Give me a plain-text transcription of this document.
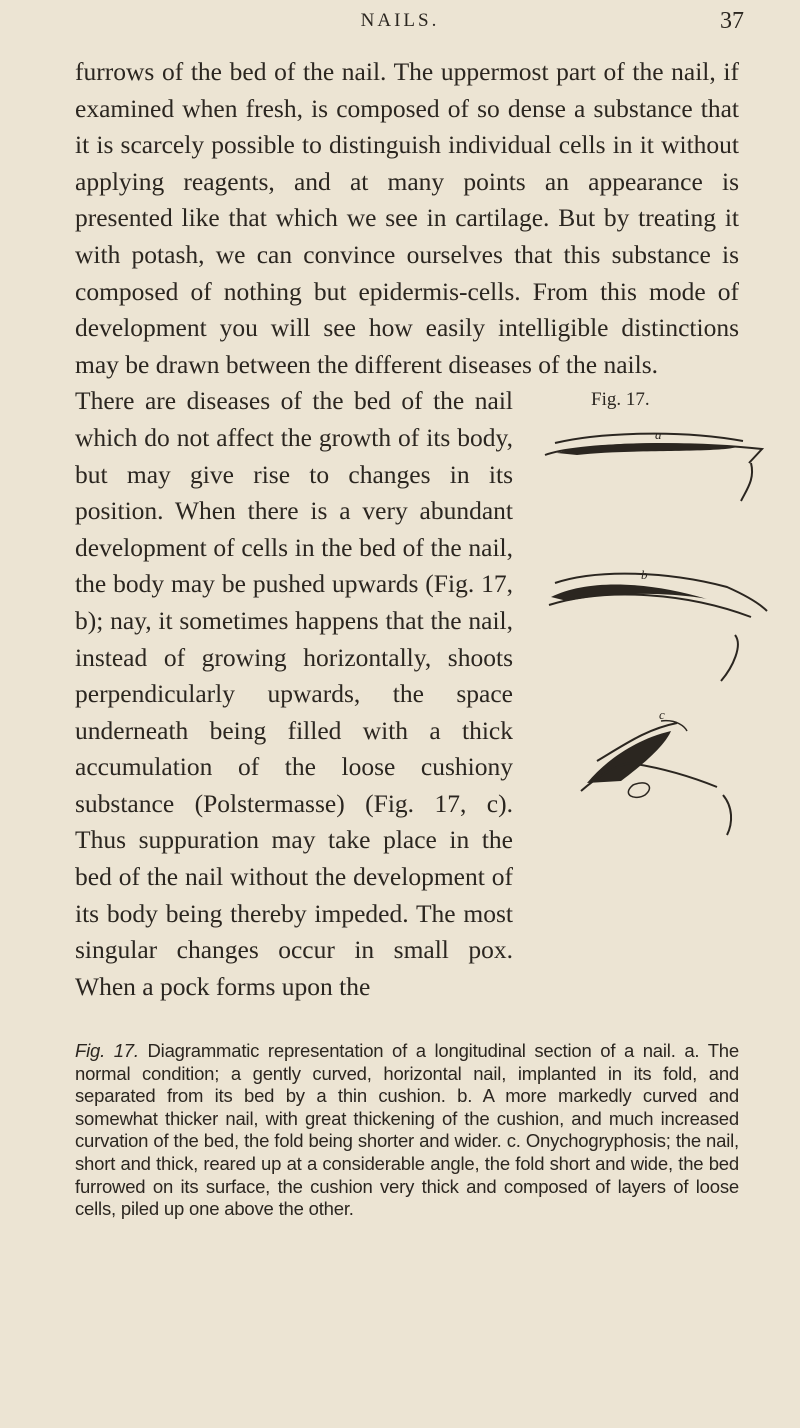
NAILS.	37

furrows of the bed of the nail. The uppermost part of the nail, if examined when fresh, is composed of so dense a substance that it is scarcely possible to distinguish individual cells in it without applying reagents, and at many points an appearance is presented like that which we see in cartilage. But by treating it with potash, we can convince ourselves that this substance is composed of nothing but epidermis-cells. From this mode of development you will see how easily intelligible distinctions may be drawn between the different diseases of the nails.

Fig. 17.
a
b
c

There are diseases of the bed of the nail which do not affect the growth of its body, but may give rise to changes in its position. When there is a very abundant development of cells in the bed of the nail, the body may be pushed upwards (Fig. 17, b); nay, it sometimes happens that the nail, instead of growing horizontally, shoots perpendicularly upwards, the space underneath being filled with a thick accumulation of the loose cushiony substance (Polstermasse) (Fig. 17, c). Thus suppuration may take place in the bed of the nail without the development of its body being thereby impeded. The most singular changes occur in small pox. When a pock forms upon the

Fig. 17. Diagrammatic representation of a longitudinal section of a nail. a. The normal condition; a gently curved, horizontal nail, implanted in its fold, and separated from its bed by a thin cushion. b. A more markedly curved and somewhat thicker nail, with great thickening of the cushion, and much increased curvation of the bed, the fold being shorter and wider. c. Onychogryphosis; the nail, short and thick, reared up at a considerable angle, the fold short and wide, the bed furrowed on its surface, the cushion very thick and composed of layers of loose cells, piled up one above the other.
